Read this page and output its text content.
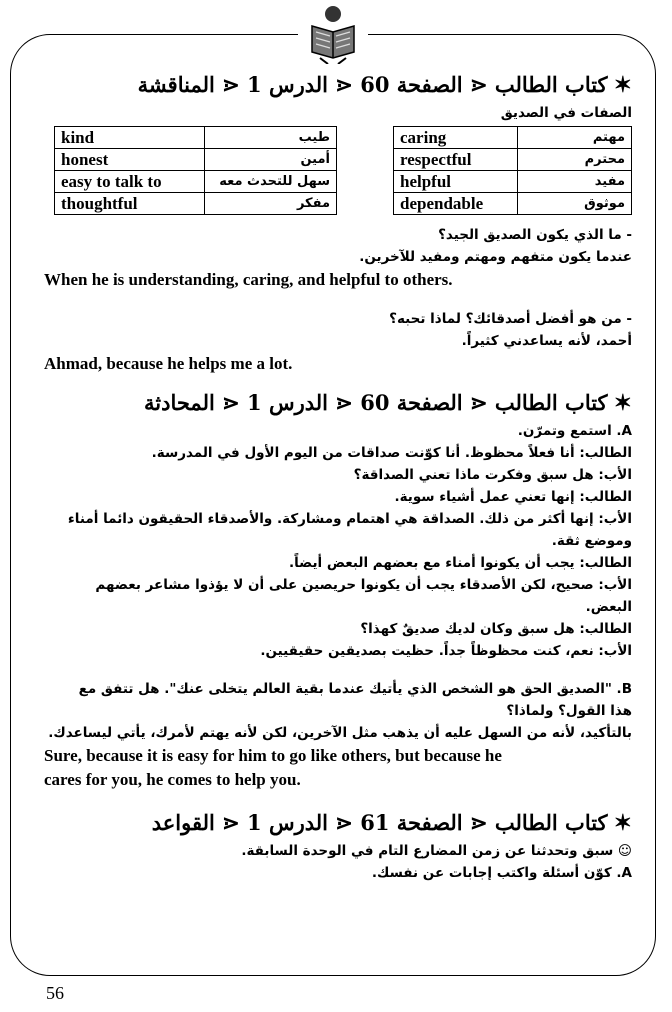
✶كتاب الطالب ⋖ الصفحة 60 ⋖ الدرس 1 ⋖ المناقشة
الصفات في الصديق
kind	طيب
honest	أمين
easy to talk to	سهل للتحدث معه
thoughtful	مفكر
caring	مهتم
respectful	محترم
helpful	مفيد
dependable	موثوق
- ما الذي يكون الصديق الجيد؟
عندما يكون متفهم ومهتم ومفيد للآخرين.
When he is understanding, caring, and helpful to others.
- من هو أفضل أصدقائك؟ لماذا تحبه؟
أحمد، لأنه يساعدني كثيراً.
Ahmad, because he helps me a lot.
✶كتاب الطالب ⋖ الصفحة 60 ⋖ الدرس 1 ⋖ المحادثة
A. استمع وتمرّن.
الطالب: أنا فعلاً محظوظ. أنا كوّنت صداقات من اليوم الأول في المدرسة.
الأب: هل سبق وفكرت ماذا تعني الصداقة؟
الطالب: إنها تعني عمل أشياء سوية.
الأب: إنها أكثر من ذلك. الصداقة هي اهتمام ومشاركة. والأصدقاء الحقيقون دائما أمناء
وموضع ثقة.
الطالب: يجب أن يكونوا أمناء مع بعضهم البعض أيضاً.
الأب: صحيح، لكن الأصدقاء يجب أن يكونوا حريصين على أن لا يؤذوا مشاعر بعضهم
البعض.
الطالب: هل سبق وكان لديك صديقٌ كهذا؟
الأب: نعم، كنت محظوظاً جداً. حظيت بصديقين حقيقيين.
B. "الصديق الحق هو الشخص الذي يأتيك عندما بقية العالم يتخلى عنك". هل تتفق مع
هذا القول؟ ولماذا؟
بالتأكيد، لأنه من السهل عليه أن يذهب مثل الآخرين، لكن لأنه يهتم لأمرك، يأتي ليساعدك.
Sure, because it is easy for him to go like others, but because he
cares for you, he comes to help you.
✶كتاب الطالب ⋖ الصفحة 61 ⋖ الدرس 1 ⋖ القواعد
☺ سبق وتحدثنا عن زمن المضارع التام في الوحدة السابقة.
A. كوّن أسئلة واكتب إجابات عن نفسك.
56
